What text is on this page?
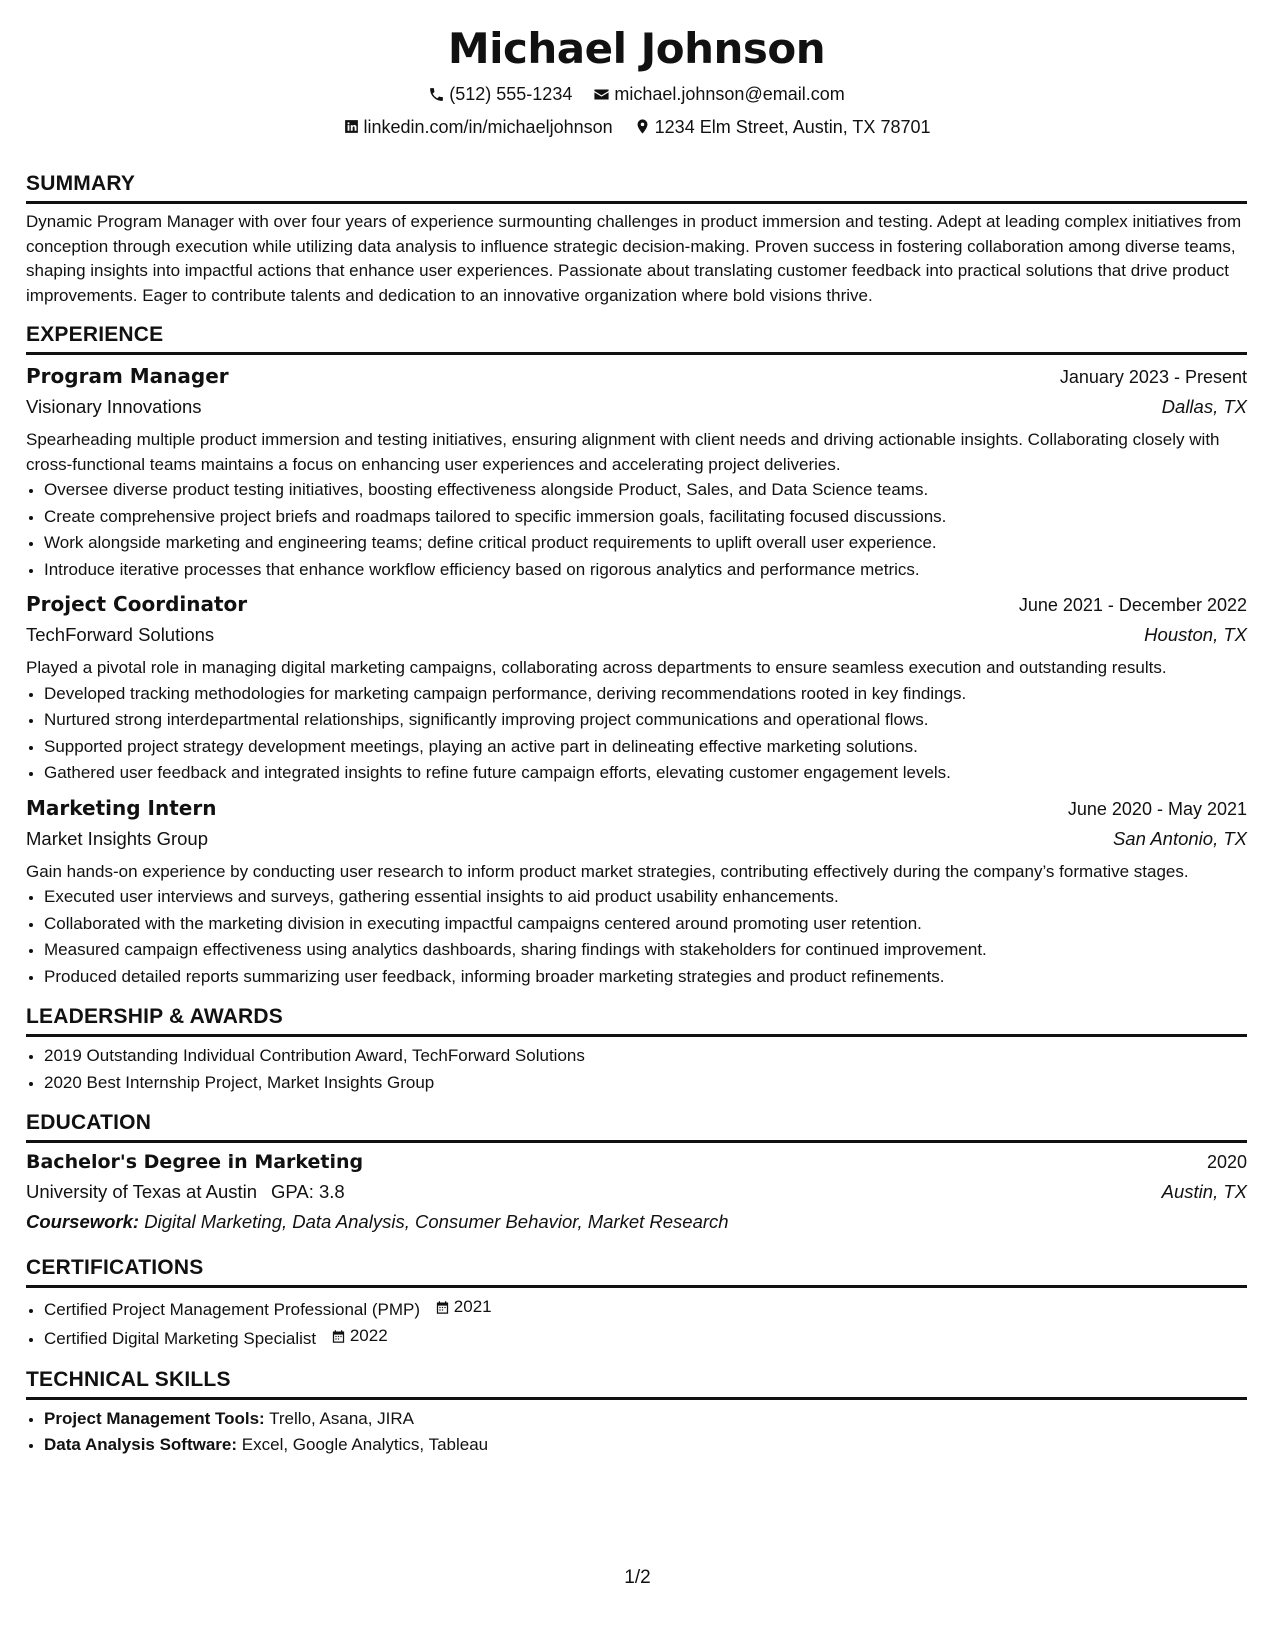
Michael Johnson
(512) 555-1234
michael.johnson@email.com
linkedin.com/in/michaeljohnson
1234 Elm Street, Austin, TX 78701
SUMMARY
Dynamic Program Manager with over four years of experience surmounting challenges in product immersion and testing. Adept at leading complex initiatives from conception through execution while utilizing data analysis to influence strategic decision-making. Proven success in fostering collaboration among diverse teams, shaping insights into impactful actions that enhance user experiences. Passionate about translating customer feedback into practical solutions that drive product improvements. Eager to contribute talents and dedication to an innovative organization where bold visions thrive.
EXPERIENCE
Program Manager	January 2023 - Present
Visionary Innovations	Dallas, TX
Spearheading multiple product immersion and testing initiatives, ensuring alignment with client needs and driving actionable insights. Collaborating closely with cross-functional teams maintains a focus on enhancing user experiences and accelerating project deliveries.
• Oversee diverse product testing initiatives, boosting effectiveness alongside Product, Sales, and Data Science teams.
• Create comprehensive project briefs and roadmaps tailored to specific immersion goals, facilitating focused discussions.
• Work alongside marketing and engineering teams; define critical product requirements to uplift overall user experience.
• Introduce iterative processes that enhance workflow efficiency based on rigorous analytics and performance metrics.
Project Coordinator	June 2021 - December 2022
TechForward Solutions	Houston, TX
Played a pivotal role in managing digital marketing campaigns, collaborating across departments to ensure seamless execution and outstanding results.
• Developed tracking methodologies for marketing campaign performance, deriving recommendations rooted in key findings.
• Nurtured strong interdepartmental relationships, significantly improving project communications and operational flows.
• Supported project strategy development meetings, playing an active part in delineating effective marketing solutions.
• Gathered user feedback and integrated insights to refine future campaign efforts, elevating customer engagement levels.
Marketing Intern	June 2020 - May 2021
Market Insights Group	San Antonio, TX
Gain hands-on experience by conducting user research to inform product market strategies, contributing effectively during the company’s formative stages.
• Executed user interviews and surveys, gathering essential insights to aid product usability enhancements.
• Collaborated with the marketing division in executing impactful campaigns centered around promoting user retention.
• Measured campaign effectiveness using analytics dashboards, sharing findings with stakeholders for continued improvement.
• Produced detailed reports summarizing user feedback, informing broader marketing strategies and product refinements.
LEADERSHIP & AWARDS
• 2019 Outstanding Individual Contribution Award, TechForward Solutions
• 2020 Best Internship Project, Market Insights Group
EDUCATION
Bachelor's Degree in Marketing	2020
University of Texas at Austin GPA: 3.8	Austin, TX
Coursework: Digital Marketing, Data Analysis, Consumer Behavior, Market Research
CERTIFICATIONS
• Certified Project Management Professional (PMP) 2021
• Certified Digital Marketing Specialist 2022
TECHNICAL SKILLS
• Project Management Tools: Trello, Asana, JIRA
• Data Analysis Software: Excel, Google Analytics, Tableau
1/2
